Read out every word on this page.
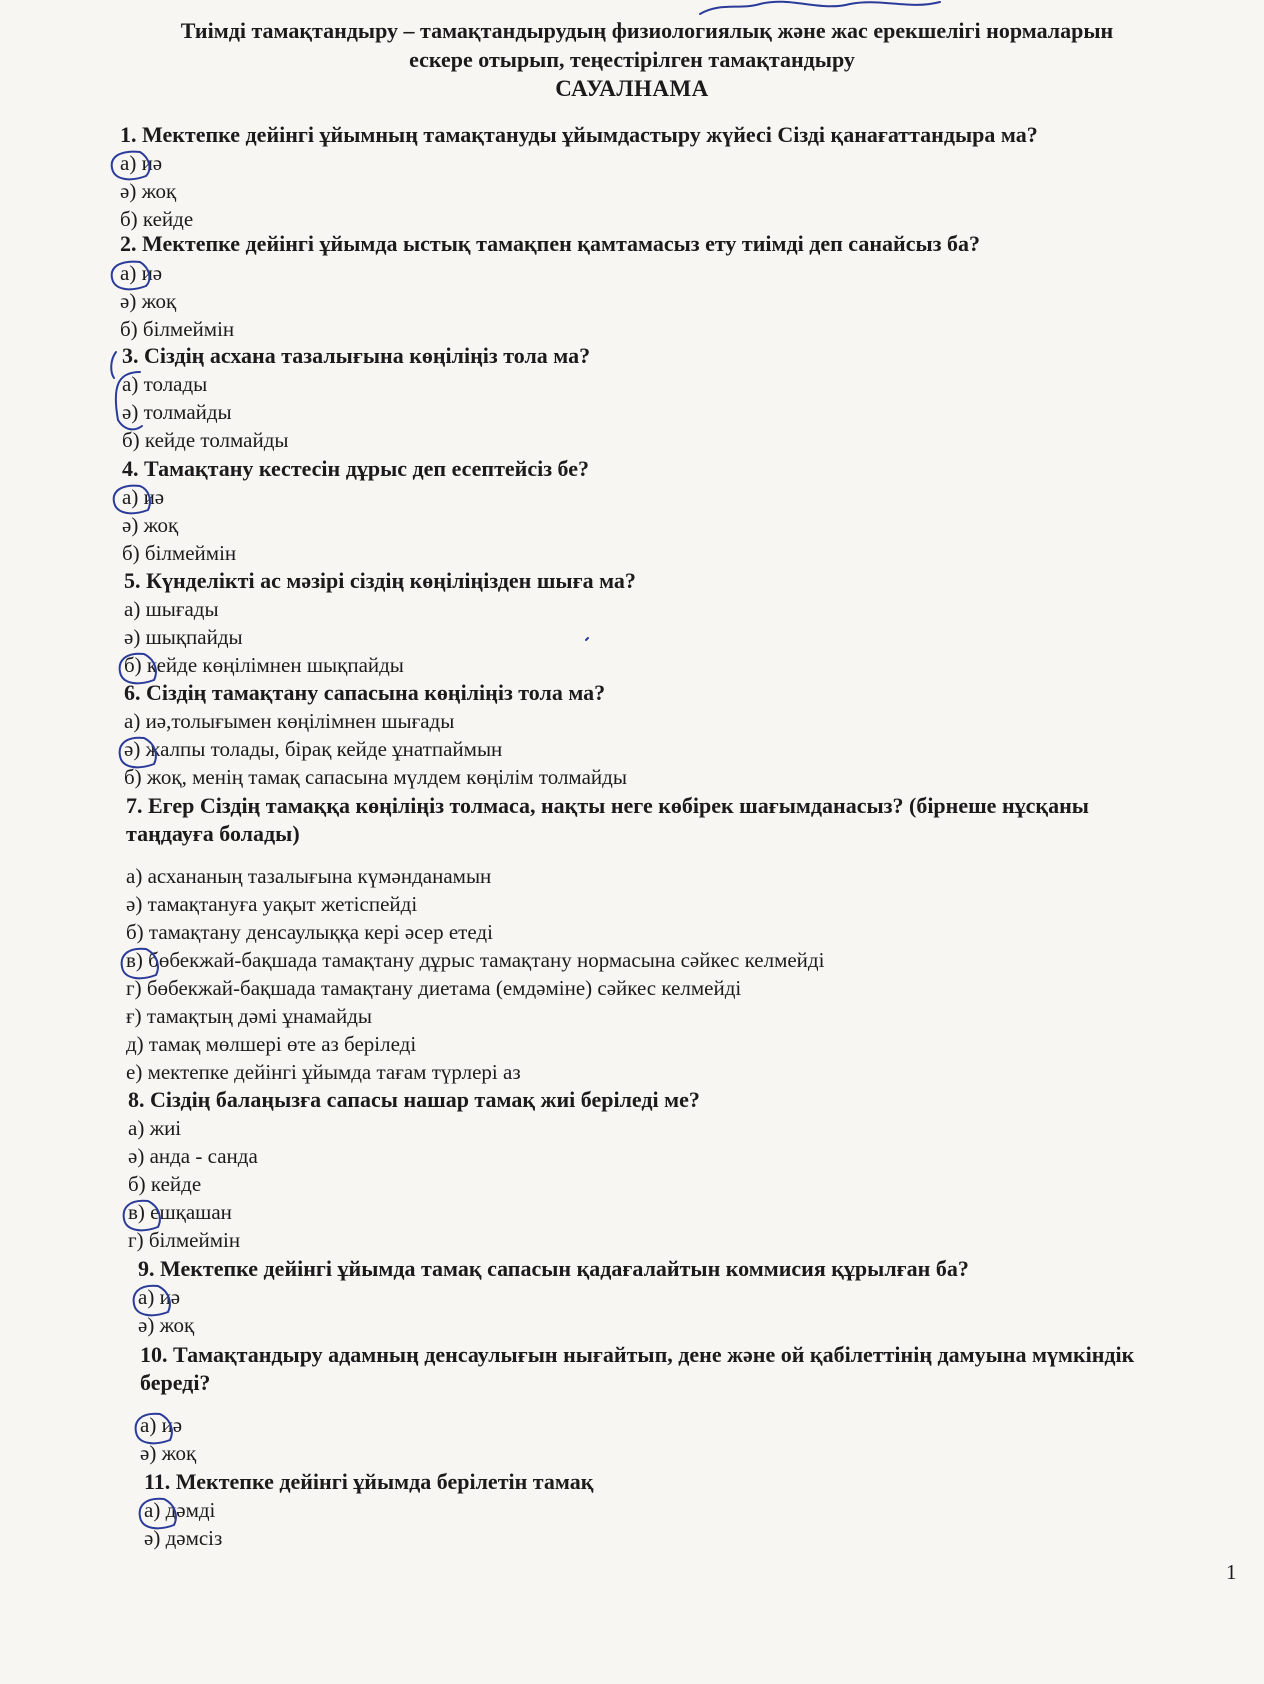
Тиімді тамақтандыру – тамақтандырудың физиологиялық және жас ерекшелігі нормаларын
ескере отырып, теңестірілген тамақтандыру
САУАЛНАМА
1. Мектепке дейінгі ұйымның тамақтануды ұйымдастыру жүйесі Сізді қанағаттандыра ма?
а) иә
ә) жоқ
б) кейде
2. Мектепке дейінгі ұйымда ыстық тамақпен қамтамасыз ету тиімді деп санайсыз ба?
а) иә
ә) жоқ
б) білмеймін
3. Сіздің асхана тазалығына көңіліңіз тола ма?
а) толады
ә) толмайды
б) кейде толмайды
4. Тамақтану кестесін дұрыс деп есептейсіз бе?
а) иә
ә) жоқ
б) білмеймін
5. Күнделікті ас мәзірі сіздің көңіліңізден шыға ма?
а) шығады
ә) шықпайды
б) кейде көңілімнен шықпайды
6. Сіздің тамақтану сапасына көңіліңіз тола ма?
а) иә,толығымен көңілімнен шығады
ә) жалпы толады, бірақ кейде ұнатпаймын
б) жоқ, менің тамақ сапасына мүлдем көңілім толмайды
7. Егер Сіздің тамаққа көңіліңіз толмаса, нақты неге көбірек шағымданасыз? (бірнеше нұсқаны таңдауға болады)
а) асхананың тазалығына күмәнданамын
ә) тамақтануға уақыт жетіспейді
б) тамақтану денсаулыққа кері әсер етеді
в) бөбекжай-бақшада тамақтану дұрыс тамақтану нормасына сәйкес келмейді
г) бөбекжай-бақшада тамақтану диетама (емдәміне) сәйкес келмейді
ғ) тамақтың дәмі ұнамайды
д) тамақ мөлшері өте аз беріледі
е) мектепке дейінгі ұйымда тағам түрлері аз
8. Сіздің балаңызға сапасы нашар тамақ жиі беріледі ме?
а) жиі
ә) анда - санда
б) кейде
в) ешқашан
г) білмеймін
9. Мектепке дейінгі ұйымда тамақ сапасын қадағалайтын коммисия құрылған ба?
а) иә
ә) жоқ
10. Тамақтандыру адамның денсаулығын нығайтып, дене және ой қабілеттінің дамуына мүмкіндік береді?
а) иә
ә) жоқ
11. Мектепке дейінгі ұйымда берілетін тамақ
а) дәмді
ә) дәмсіз
1
